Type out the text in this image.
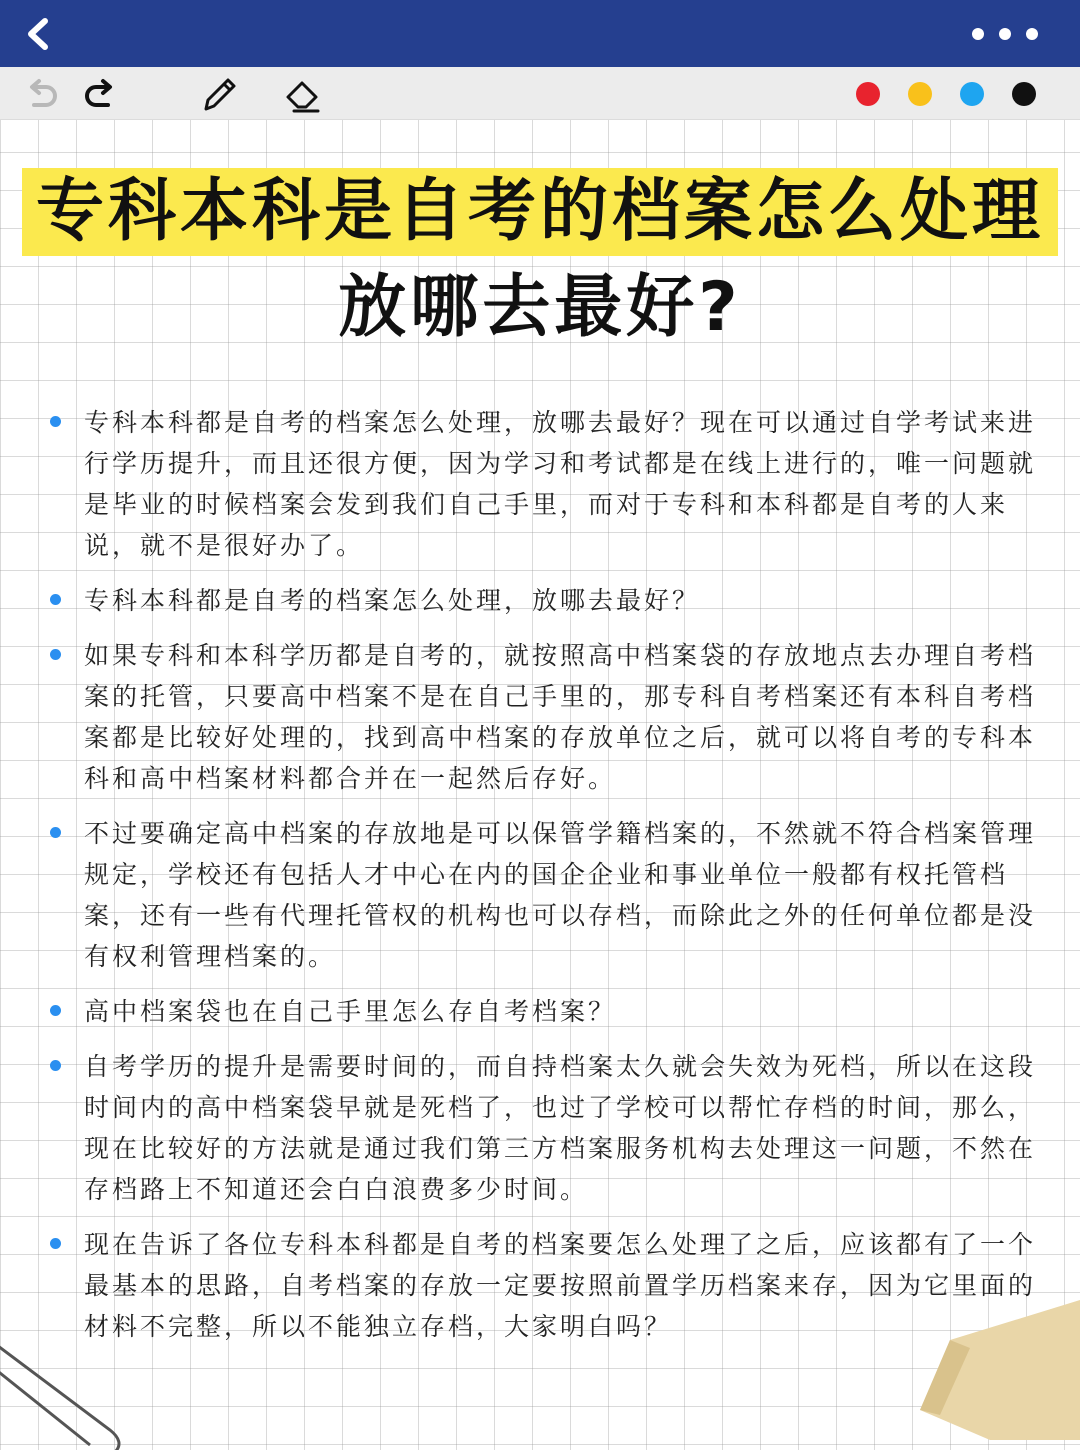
专科本科是自考的档案怎么处理
放哪去最好?
专科本科都是自考的档案怎么处理，放哪去最好？现在可以通过自学考试来进行学历提升，而且还很方便，因为学习和考试都是在线上进行的，唯一问题就是毕业的时候档案会发到我们自己手里，而对于专科和本科都是自考的人来说，就不是很好办了。
专科本科都是自考的档案怎么处理，放哪去最好？
如果专科和本科学历都是自考的，就按照高中档案袋的存放地点去办理自考档案的托管，只要高中档案不是在自己手里的，那专科自考档案还有本科自考档案都是比较好处理的，找到高中档案的存放单位之后，就可以将自考的专科本科和高中档案材料都合并在一起然后存好。
不过要确定高中档案的存放地是可以保管学籍档案的，不然就不符合档案管理规定，学校还有包括人才中心在内的国企企业和事业单位一般都有权托管档案，还有一些有代理托管权的机构也可以存档，而除此之外的任何单位都是没有权利管理档案的。
高中档案袋也在自己手里怎么存自考档案？
自考学历的提升是需要时间的，而自持档案太久就会失效为死档，所以在这段时间内的高中档案袋早就是死档了，也过了学校可以帮忙存档的时间，那么，现在比较好的方法就是通过我们第三方档案服务机构去处理这一问题，不然在存档路上不知道还会白白浪费多少时间。
现在告诉了各位专科本科都是自考的档案要怎么处理了之后，应该都有了一个最基本的思路，自考档案的存放一定要按照前置学历档案来存，因为它里面的材料不完整，所以不能独立存档，大家明白吗？
